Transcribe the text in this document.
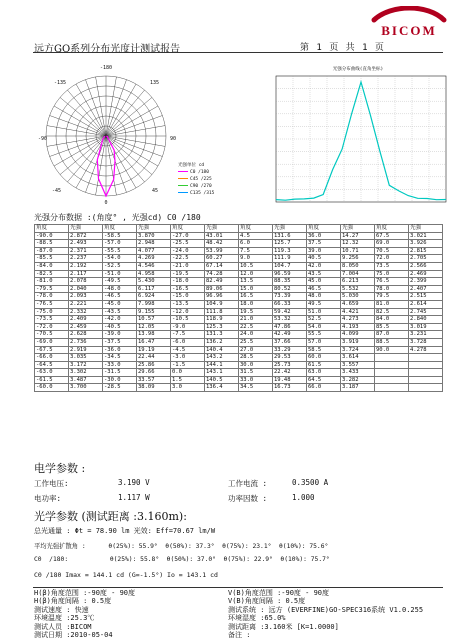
BICOM
远方GO系列分布光度计测试报告	第 1 页 共 1 页
-180
-90	90
0
-135	135
-45	45
光强单位 cd
C0 /180
C45 /225
C90 /270
C135 /315
光强分布曲线(直角坐标)
光强分布数据 :(角度° , 光强cd) C0 /180
角度	光强	角度	光强	角度	光强	角度	光强	角度	光强	角度	光强
-90.0	2.872	-58.5	3.870	-27.0	43.01	4.5	131.6	36.0	14.27	67.5	3.021
-88.5	2.493	-57.0	2.948	-25.5	48.42	6.0	125.7	37.5	12.32	69.0	3.926
-87.0	2.371	-55.5	4.077	-24.0	53.99	7.5	119.3	39.0	10.71	70.5	2.815
-85.5	2.237	-54.0	4.269	-22.5	60.27	9.0	111.9	40.5	9.256	72.0	2.705
-84.0	2.192	-52.5	4.546	-21.0	67.14	10.5	104.7	42.0	8.050	73.5	2.566
-82.5	2.117	-51.0	4.958	-19.5	74.28	12.0	96.59	43.5	7.004	75.0	2.469
-81.0	2.078	-49.5	5.430	-18.0	82.49	13.5	88.35	45.0	6.213	76.5	2.399
-79.5	2.040	-48.0	6.117	-16.5	89.06	15.0	80.52	46.5	5.532	78.0	2.407
-78.0	2.093	-46.5	6.924	-15.0	96.96	16.5	73.39	48.0	5.030	79.5	2.515
-76.5	2.221	-45.0	7.998	-13.5	104.9	18.0	66.33	49.5	4.659	81.0	2.614
-75.0	2.332	-43.5	9.155	-12.0	111.8	19.5	59.42	51.0	4.421	82.5	2.745
-73.5	2.409	-42.0	10.57	-10.5	118.9	21.0	53.32	52.5	4.273	84.0	2.840
-72.0	2.459	-40.5	12.05	-9.0	125.3	22.5	47.86	54.0	4.193	85.5	3.019
-70.5	2.628	-39.0	13.98	-7.5	131.3	24.0	42.49	55.5	4.099	87.0	3.231
-69.0	2.736	-37.5	16.47	-6.0	136.2	25.5	37.66	57.0	3.919	88.5	3.728
-67.5	2.919	-36.0	19.19	-4.5	140.4	27.0	33.29	58.5	3.724	90.0	4.278
-66.0	3.035	-34.5	22.44	-3.0	143.2	28.5	29.53	60.0	3.614		
-64.5	3.172	-33.0	25.86	-1.5	144.1	30.0	25.73	61.5	3.557		
-63.0	3.302	-31.5	29.66	0.0	143.1	31.5	22.42	63.0	3.433		
-61.5	3.487	-30.0	33.57	1.5	140.5	33.0	19.48	64.5	3.282		
-60.0	3.700	-28.5	38.09	3.0	136.4	34.5	16.73	66.0	3.187		
电学参数 :
工作电压:	3.190 V	工作电流 :	0.3500 A
电功率:	1.117 W	功率因数 :	1.000
光学参数 (测试距离 :3.160m):
总光通量 : Φt = 78.90 lm 光效: Eff=70.67 lm/W
平均光强扩散角 :      θ(25%): 55.9°  θ(50%): 37.3°  θ(75%): 23.1°  θ(10%): 75.6°
C0  /180:           θ(25%): 55.8°  θ(50%): 37.0°  θ(75%): 22.9°  θ(10%): 75.7°
C0 /180 Imax = 144.1 cd (G=-1.5°) Io = 143.1 cd
H(β)角度范围 :-90度 - 90度
H(β)角度间隔 : 0.5度
测试速度 : 快速
环境温度 :25.3℃
测试人员 :BICOM
测试日期 :2010-05-04
V(B)角度范围 :-90度 - 90度
V(B)角度间隔 : 0.5度
测试系统 : 远方 (EVERFINE)GO-SPEC316系统 V1.0.255
环境湿度 :65.0%
测试距离 :3.160米 [K=1.0000]
备注 :
